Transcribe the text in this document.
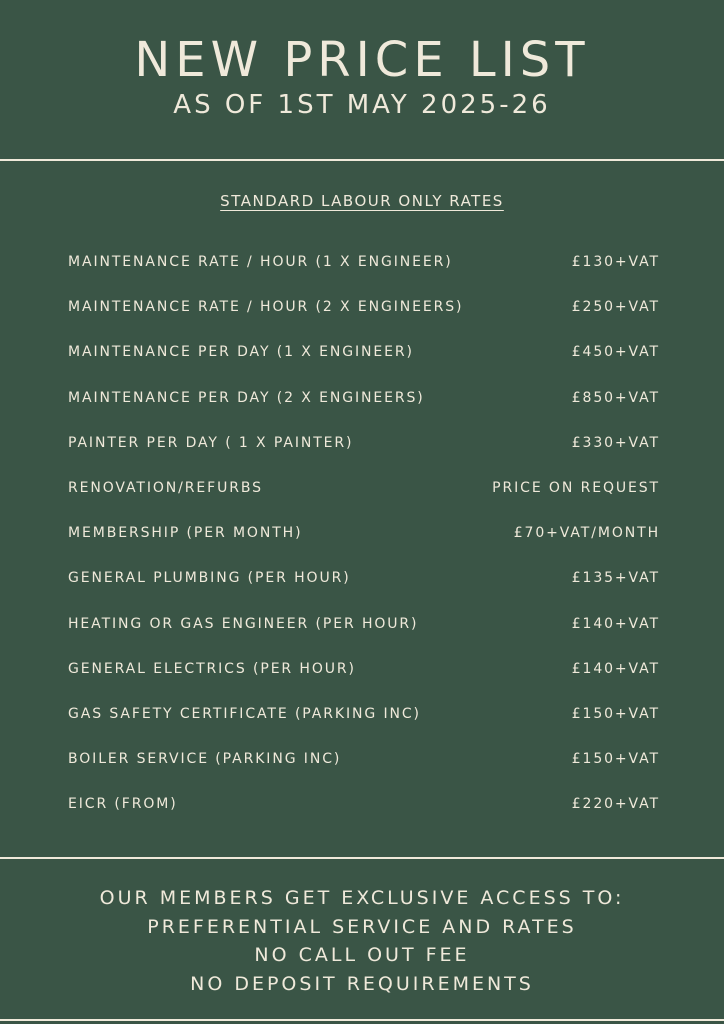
NEW PRICE LIST
AS OF 1ST MAY 2025-26
STANDARD LABOUR ONLY RATES
MAINTENANCE RATE / HOUR (1 X ENGINEER)	£130+VAT
MAINTENANCE RATE / HOUR (2 X ENGINEERS)	£250+VAT
MAINTENANCE PER DAY (1 X ENGINEER)	£450+VAT
MAINTENANCE PER DAY (2 X ENGINEERS)	£850+VAT
PAINTER PER DAY ( 1 X PAINTER)	£330+VAT
RENOVATION/REFURBS	PRICE ON REQUEST
MEMBERSHIP (PER MONTH)	£70+VAT/MONTH
GENERAL PLUMBING (PER HOUR)	£135+VAT
HEATING OR GAS ENGINEER (PER HOUR)	£140+VAT
GENERAL ELECTRICS (PER HOUR)	£140+VAT
GAS SAFETY CERTIFICATE (PARKING INC)	£150+VAT
BOILER SERVICE (PARKING INC)	£150+VAT
EICR (FROM)	£220+VAT
OUR MEMBERS GET EXCLUSIVE ACCESS TO:
PREFERENTIAL SERVICE AND RATES
NO CALL OUT FEE
NO DEPOSIT REQUIREMENTS
